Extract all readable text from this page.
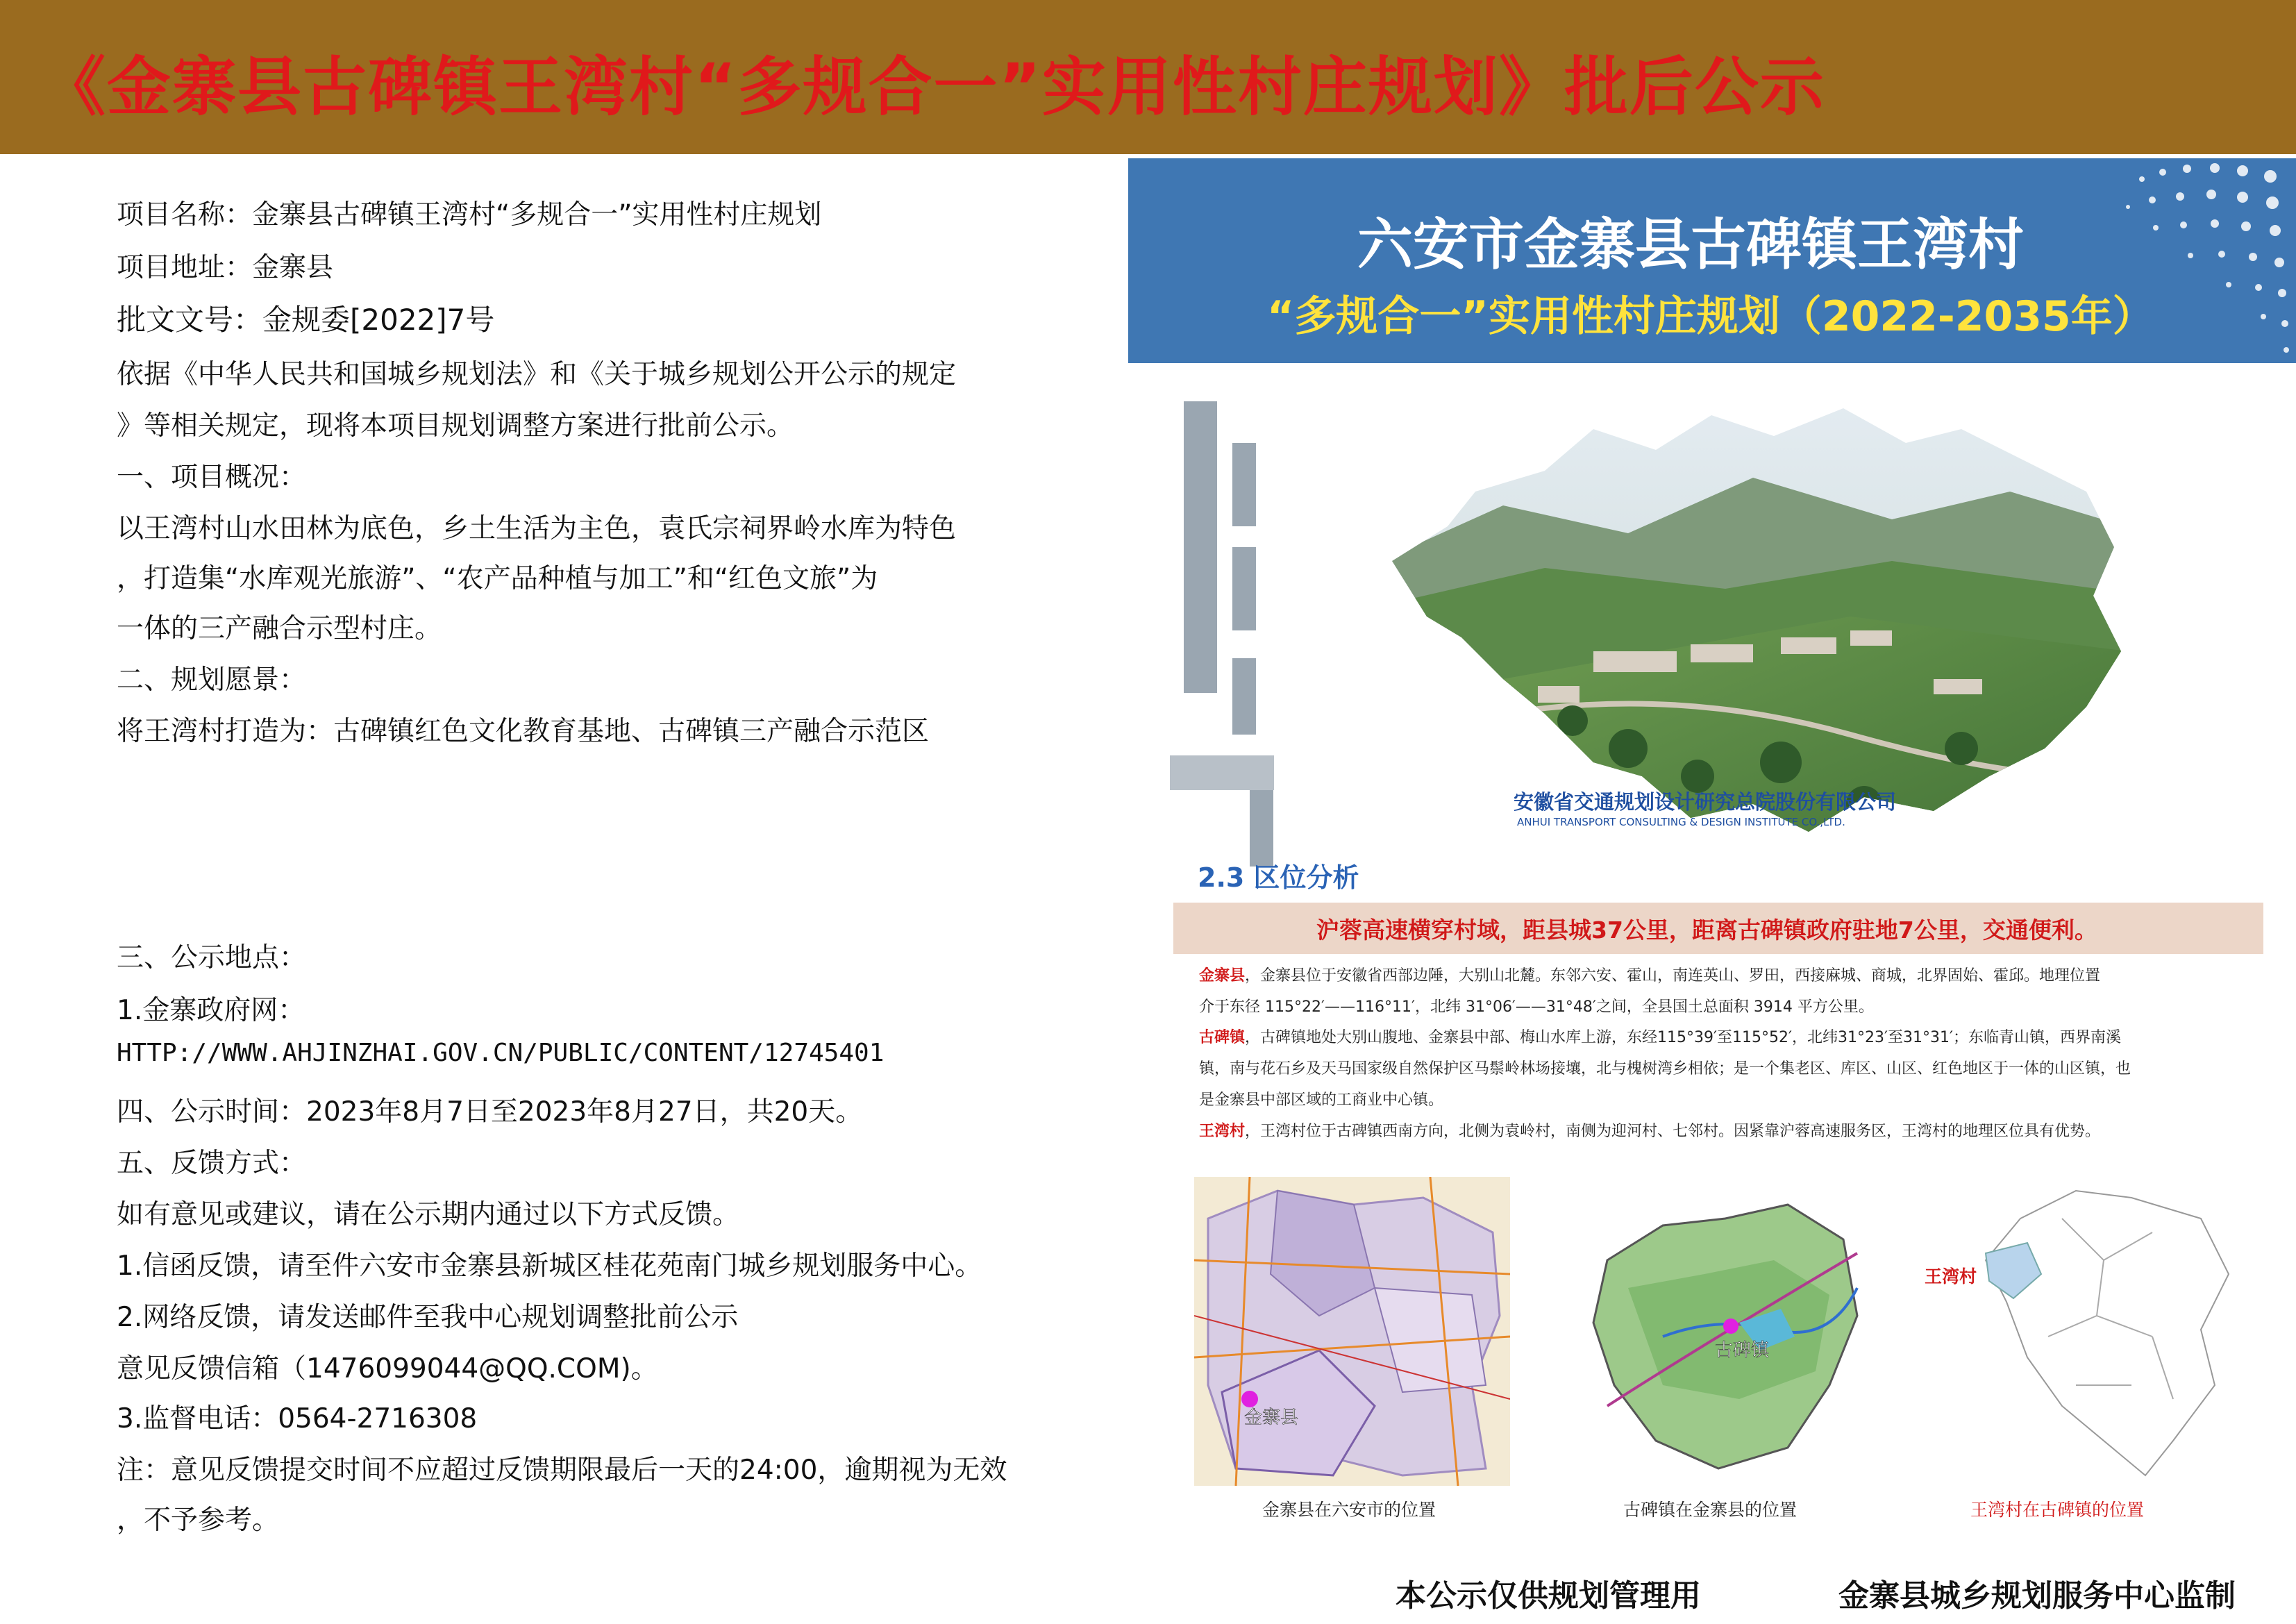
《金寨县古碑镇王湾村“多规合一”实用性村庄规划》批后公示
项目名称：金寨县古碑镇王湾村“多规合一”实用性村庄规划
项目地址：金寨县
批文文号：金规委[2022]7号
依据《中华人民共和国城乡规划法》和《关于城乡规划公开公示的规定
》等相关规定，现将本项目规划调整方案进行批前公示。
一、项目概况：
以王湾村山水田林为底色，乡土生活为主色，袁氏宗祠界岭水库为特色
，打造集“水库观光旅游”、“农产品种植与加工”和“红色文旅”为
一体的三产融合示型村庄。
二、规划愿景：
将王湾村打造为：古碑镇红色文化教育基地、古碑镇三产融合示范区
三、公示地点：
1.金寨政府网：
HTTP://WWW.AHJINZHAI.GOV.CN/PUBLIC/CONTENT/12745401
四、公示时间：2023年8月7日至2023年8月27日，共20天。
五、反馈方式：
如有意见或建议，请在公示期内通过以下方式反馈。
1.信函反馈，请至件六安市金寨县新城区桂花苑南门城乡规划服务中心。
2.网络反馈，请发送邮件至我中心规划调整批前公示
意见反馈信箱（1476099044@QQ.COM)。
3.监督电话：0564-2716308
注：意见反馈提交时间不应超过反馈期限最后一天的24:00，逾期视为无效
，不予参考。
六安市金寨县古碑镇王湾村
“多规合一”实用性村庄规划（2022-2035年）
安徽省交通规划设计研究总院股份有限公司
ANHUI TRANSPORT CONSULTING & DESIGN INSTITUTE CO.,LTD.
2.3 区位分析
沪蓉高速横穿村域，距县城37公里，距离古碑镇政府驻地7公里，交通便利。
金寨县，金寨县位于安徽省西部边陲，大别山北麓。东邻六安、霍山，南连英山、罗田，西接麻城、商城，北界固始、霍邱。地理位置
介于东径 115°22′——116°11′，北纬 31°06′——31°48′之间，全县国土总面积 3914 平方公里。
古碑镇，古碑镇地处大别山腹地、金寨县中部、梅山水库上游，东经115°39′至115°52′，北纬31°23′至31°31′；东临青山镇，西界南溪
镇，南与花石乡及天马国家级自然保护区马鬃岭林场接壤，北与槐树湾乡相依；是一个集老区、库区、山区、红色地区于一体的山区镇，也
是金寨县中部区域的工商业中心镇。
王湾村，王湾村位于古碑镇西南方向，北侧为袁岭村，南侧为迎河村、七邻村。因紧靠沪蓉高速服务区，王湾村的地理区位具有优势。
金寨县
金寨县在六安市的位置
古碑镇
古碑镇在金寨县的位置
王湾村
王湾村在古碑镇的位置
本公示仅供规划管理用	金寨县城乡规划服务中心监制
